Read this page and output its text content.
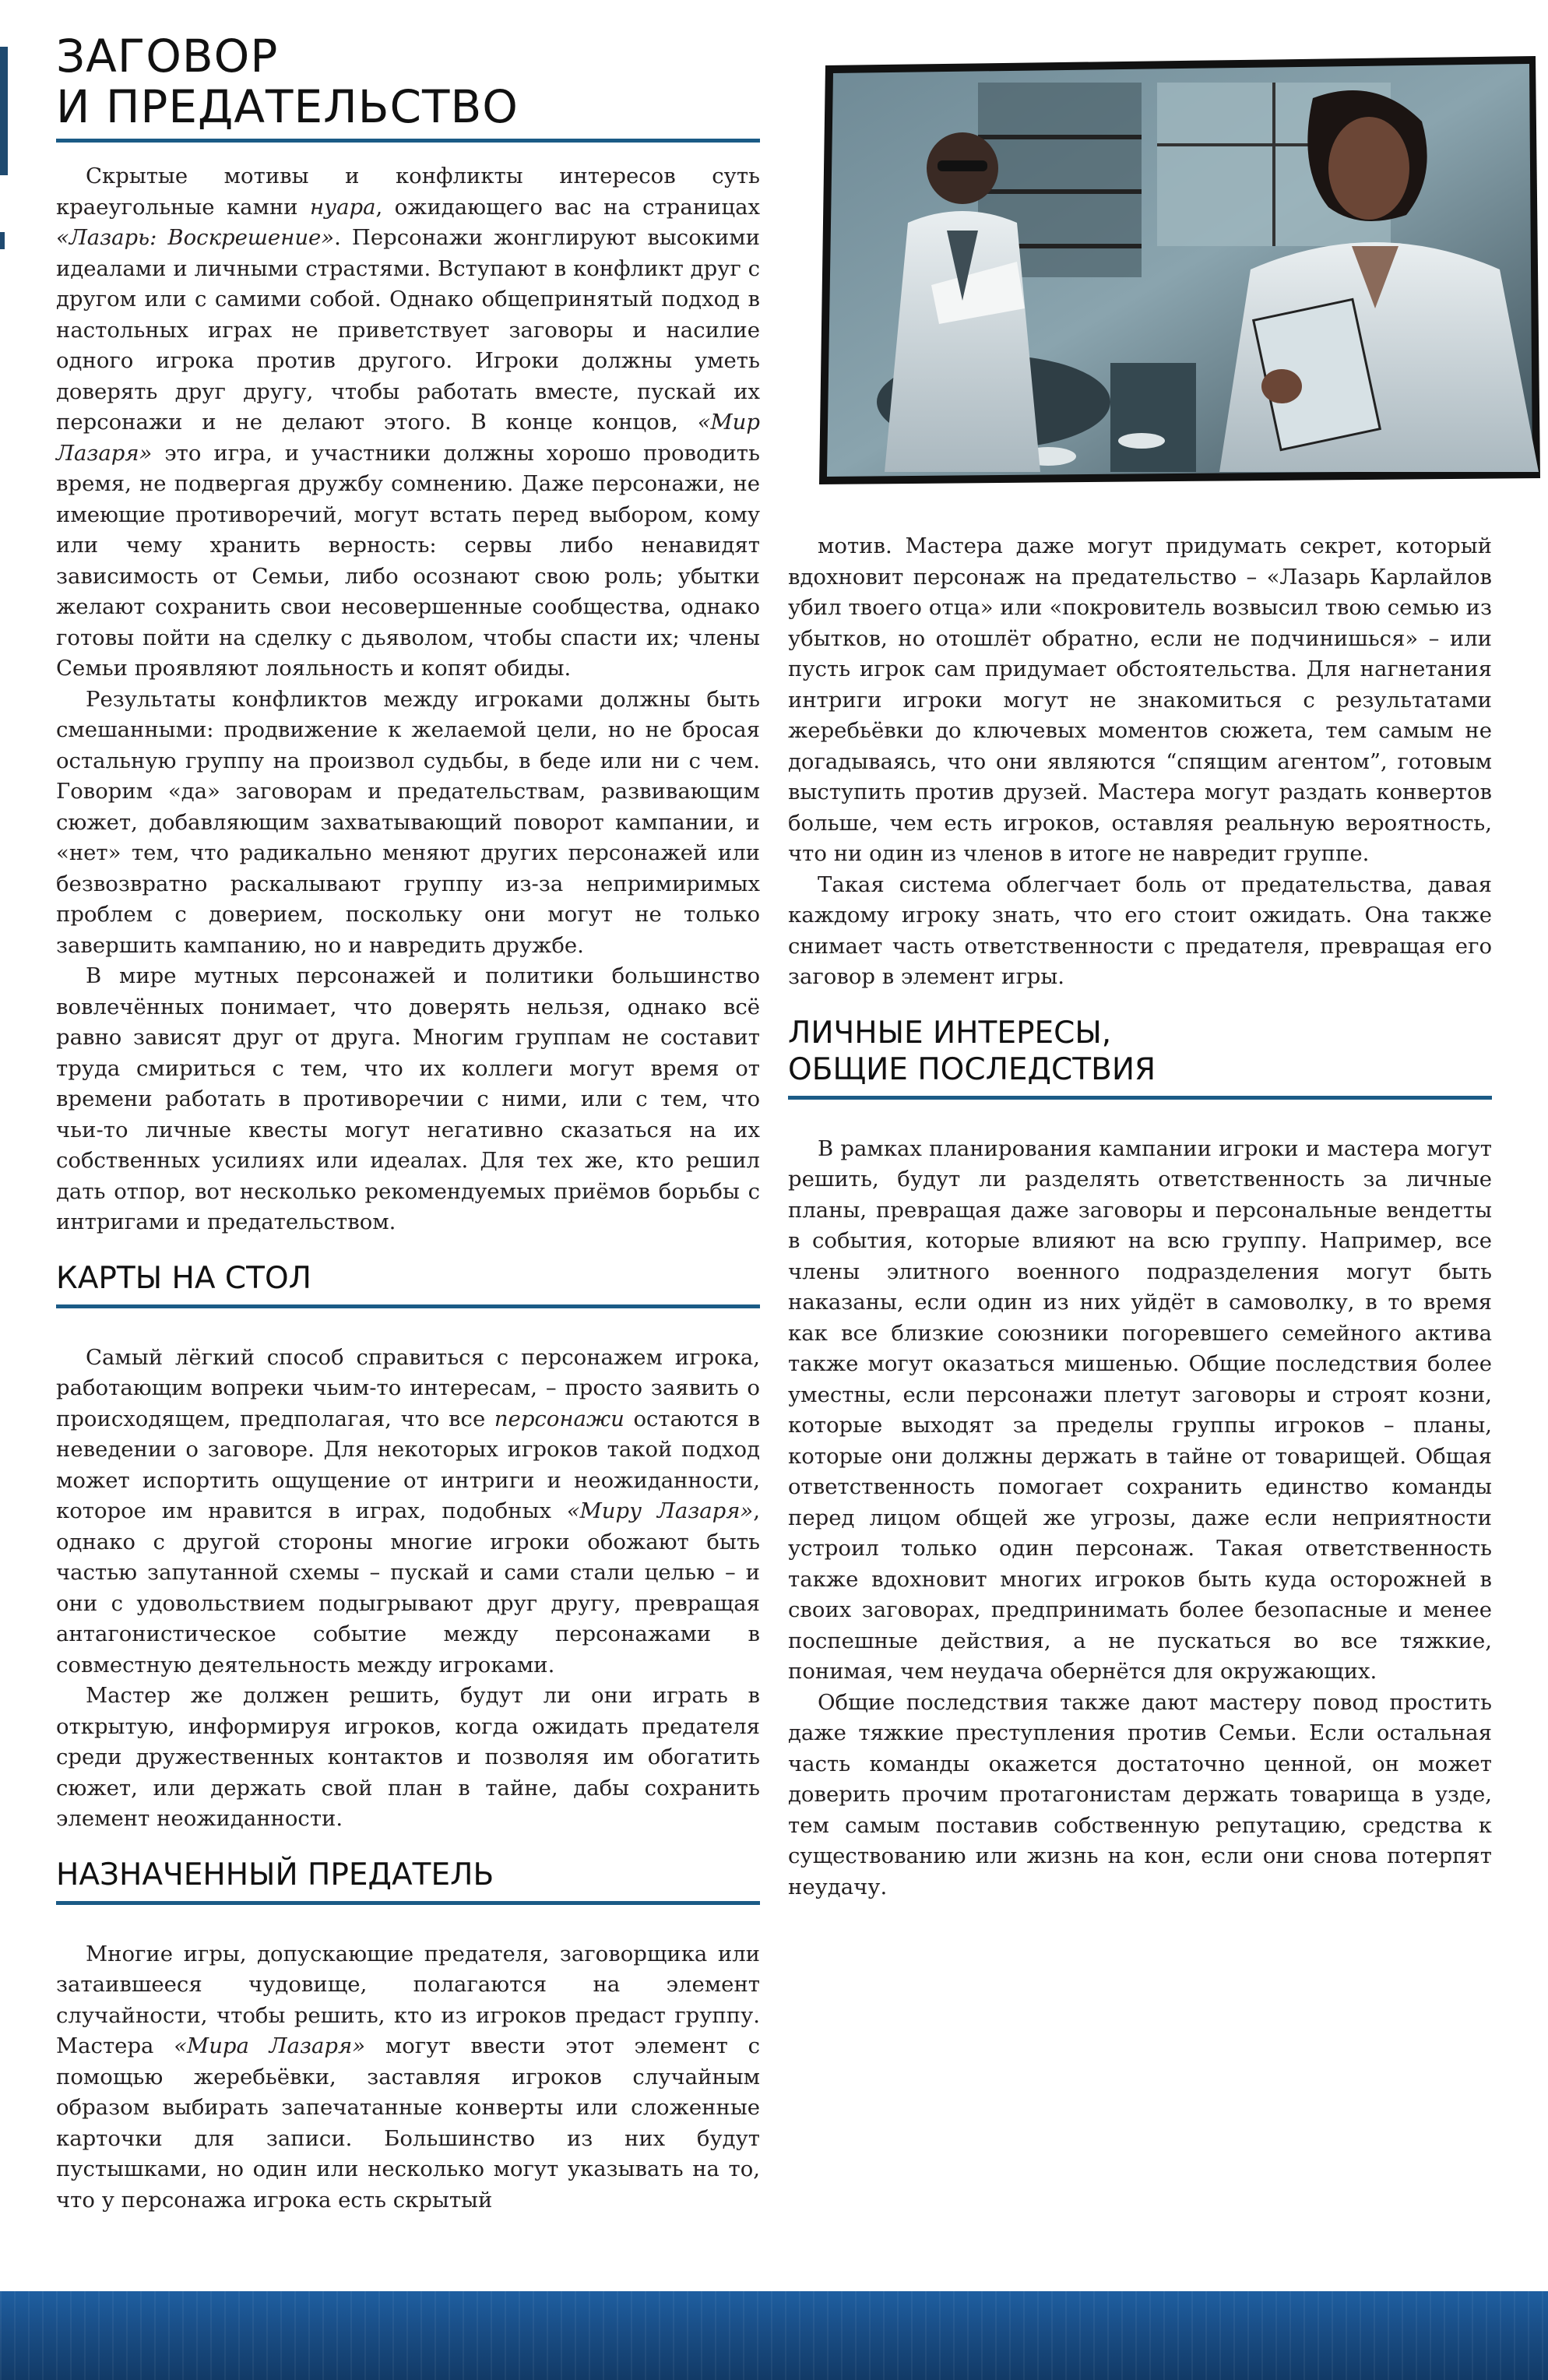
ЗАГОВОР
И ПРЕДАТЕЛЬСТВО

Скрытые мотивы и конфликты интересов суть краеугольные камни нуара, ожидающего вас на страницах «Лазарь: Воскрешение». Персонажи жонглируют высокими идеалами и личными страстями. Вступают в конфликт друг с другом или с самими собой. Однако общепринятый подход в настольных играх не приветствует заговоры и насилие одного игрока против другого. Игроки должны уметь доверять друг другу, чтобы работать вместе, пускай их персонажи и не делают этого. В конце концов, «Мир Лазаря» это игра, и участники должны хорошо проводить время, не подвергая дружбу сомнению. Даже персонажи, не имеющие противоречий, могут встать перед выбором, кому или чему хранить верность: сервы либо ненавидят зависимость от Семьи, либо осознают свою роль; убытки желают сохранить свои несовершенные сообщества, однако готовы пойти на сделку с дьяволом, чтобы спасти их; члены Семьи проявляют лояльность и копят обиды.

Результаты конфликтов между игроками должны быть смешанными: продвижение к желаемой цели, но не бросая остальную группу на произвол судьбы, в беде или ни с чем. Говорим «да» заговорам и предательствам, развивающим сюжет, добавляющим захватывающий поворот кампании, и «нет» тем, что радикально меняют других персонажей или безвозвратно раскалывают группу из-за непримиримых проблем с доверием, поскольку они могут не только завершить кампанию, но и навредить дружбе.

В мире мутных персонажей и политики большинство вовлечённых понимает, что доверять нельзя, однако всё равно зависят друг от друга. Многим группам не составит труда смириться с тем, что их коллеги могут время от времени работать в противоречии с ними, или с тем, что чьи-то личные квесты могут негативно сказаться на их собственных усилиях или идеалах. Для тех же, кто решил дать отпор, вот несколько рекомендуемых приёмов борьбы с интригами и предательством.

КАРТЫ НА СТОЛ

Самый лёгкий способ справиться с персонажем игрока, работающим вопреки чьим-то интересам, – просто заявить о происходящем, предполагая, что все персонажи остаются в неведении о заговоре. Для некоторых игроков такой подход может испортить ощущение от интриги и неожиданности, которое им нравится в играх, подобных «Миру Лазаря», однако с другой стороны многие игроки обожают быть частью запутанной схемы – пускай и сами стали целью – и они с удовольствием подыгрывают друг другу, превращая антагонистическое событие между персонажами в совместную деятельность между игроками.

Мастер же должен решить, будут ли они играть в открытую, информируя игроков, когда ожидать предателя среди дружественных контактов и позволяя им обогатить сюжет, или держать свой план в тайне, дабы сохранить элемент неожиданности.

НАЗНАЧЕННЫЙ ПРЕДАТЕЛЬ

Многие игры, допускающие предателя, заговорщика или затаившееся чудовище, полагаются на элемент случайности, чтобы решить, кто из игроков предаст группу. Мастера «Мира Лазаря» могут ввести этот элемент с помощью жеребьёвки, заставляя игроков случайным образом выбирать запечатанные конверты или сложенные карточки для записи. Большинство из них будут пустышками, но один или несколько могут указывать на то, что у персонажа игрока есть скрытый

мотив. Мастера даже могут придумать секрет, который вдохновит персонаж на предательство – «Лазарь Карлайлов убил твоего отца» или «покровитель возвысил твою семью из убытков, но отошлёт обратно, если не подчинишься» – или пусть игрок сам придумает обстоятельства. Для нагнетания интриги игроки могут не знакомиться с результатами жеребьёвки до ключевых моментов сюжета, тем самым не догадываясь, что они являются “спящим агентом”, готовым выступить против друзей. Мастера могут раздать конвертов больше, чем есть игроков, оставляя реальную вероятность, что ни один из членов в итоге не навредит группе.

Такая система облегчает боль от предательства, давая каждому игроку знать, что его стоит ожидать. Она также снимает часть ответственности с предателя, превращая его заговор в элемент игры.

ЛИЧНЫЕ ИНТЕРЕСЫ,
ОБЩИЕ ПОСЛЕДСТВИЯ

В рамках планирования кампании игроки и мастера могут решить, будут ли разделять ответственность за личные планы, превращая даже заговоры и персональные вендетты в события, которые влияют на всю группу. Например, все члены элитного военного подразделения могут быть наказаны, если один из них уйдёт в самоволку, в то время как все близкие союзники погоревшего семейного актива также могут оказаться мишенью. Общие последствия более уместны, если персонажи плетут заговоры и строят козни, которые выходят за пределы группы игроков – планы, которые они должны держать в тайне от товарищей. Общая ответственность помогает сохранить единство команды перед лицом общей же угрозы, даже если неприятности устроил только один персонаж. Такая ответственность также вдохновит многих игроков быть куда осторожней в своих заговорах, предпринимать более безопасные и менее поспешные действия, а не пускаться во все тяжкие, понимая, чем неудача обернётся для окружающих.

Общие последствия также дают мастеру повод простить даже тяжкие преступления против Семьи. Если остальная часть команды окажется достаточно ценной, он может доверить прочим протагонистам держать товарища в узде, тем самым поставив собственную репутацию, средства к существованию или жизнь на кон, если они снова потерпят неудачу.
